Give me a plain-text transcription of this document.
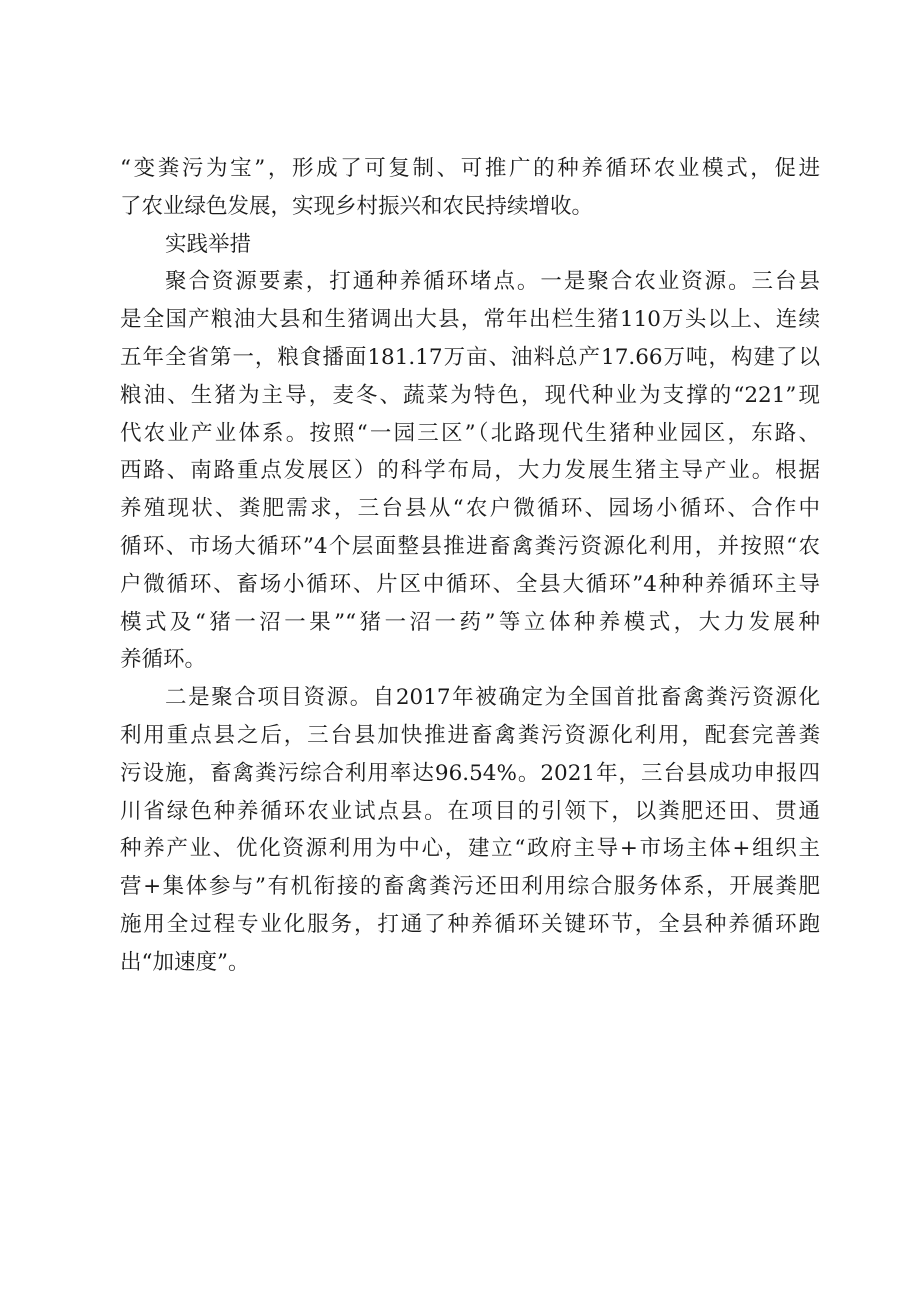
“变粪污为宝”，形成了可复制、可推广的种养循环农业模式，促进
了农业绿色发展，实现乡村振兴和农民持续增收。
实践举措
聚合资源要素，打通种养循环堵点。一是聚合农业资源。三台县
是全国产粮油大县和生猪调出大县，常年出栏生猪110万头以上、连续
五年全省第一，粮食播面181.17万亩、油料总产17.66万吨，构建了以
粮油、生猪为主导，麦冬、蔬菜为特色，现代种业为支撑的“221”现
代农业产业体系。按照“一园三区”（北路现代生猪种业园区，东路、
西路、南路重点发展区）的科学布局，大力发展生猪主导产业。根据
养殖现状、粪肥需求，三台县从“农户微循环、园场小循环、合作中
循环、市场大循环”4个层面整县推进畜禽粪污资源化利用，并按照“农
户微循环、畜场小循环、片区中循环、全县大循环”4种种养循环主导
模式及“猪一沼一果”“猪一沼一药”等立体种养模式，大力发展种
养循环。
二是聚合项目资源。自2017年被确定为全国首批畜禽粪污资源化
利用重点县之后，三台县加快推进畜禽粪污资源化利用，配套完善粪
污设施，畜禽粪污综合利用率达96.54%。2021年，三台县成功申报四
川省绿色种养循环农业试点县。在项目的引领下，以粪肥还田、贯通
种养产业、优化资源利用为中心，建立“政府主导+市场主体+组织主
营+集体参与”有机衔接的畜禽粪污还田利用综合服务体系，开展粪肥
施用全过程专业化服务，打通了种养循环关键环节，全县种养循环跑
出“加速度”。
